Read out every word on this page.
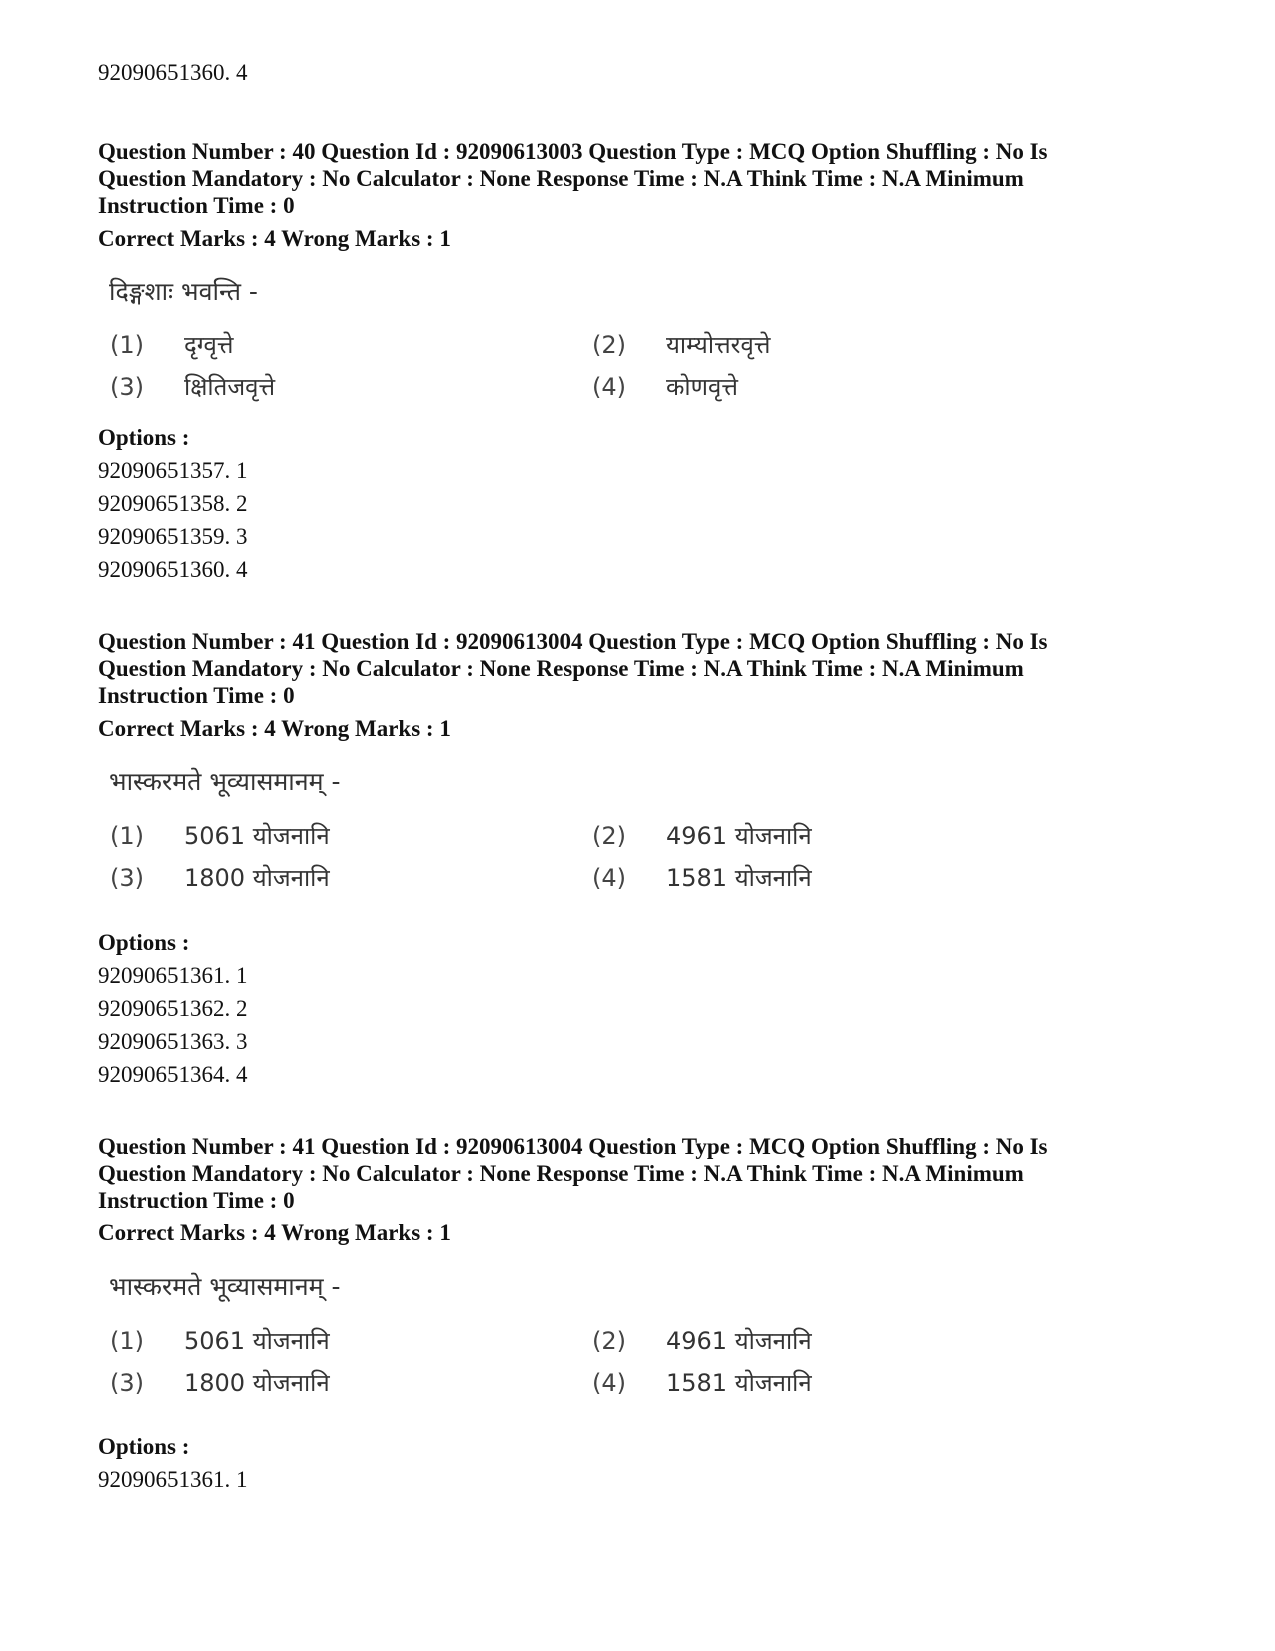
92090651360. 4
Question Number : 40 Question Id : 92090613003 Question Type : MCQ Option Shuffling : No Is
Question Mandatory : No Calculator : None Response Time : N.A Think Time : N.A Minimum
Instruction Time : 0
Correct Marks : 4 Wrong Marks : 1
दिङ्गशाः भवन्ति -
(1) दृग्वृत्ते	(2) याम्योत्तरवृत्ते
(3) क्षितिजवृत्ते	(4) कोणवृत्ते
Options :
92090651357. 1
92090651358. 2
92090651359. 3
92090651360. 4
Question Number : 41 Question Id : 92090613004 Question Type : MCQ Option Shuffling : No Is
Question Mandatory : No Calculator : None Response Time : N.A Think Time : N.A Minimum
Instruction Time : 0
Correct Marks : 4 Wrong Marks : 1
भास्करमते भूव्यासमानम् -
(1) 5061 योजनानि	(2) 4961 योजनानि
(3) 1800 योजनानि	(4) 1581 योजनानि
Options :
92090651361. 1
92090651362. 2
92090651363. 3
92090651364. 4
Question Number : 41 Question Id : 92090613004 Question Type : MCQ Option Shuffling : No Is
Question Mandatory : No Calculator : None Response Time : N.A Think Time : N.A Minimum
Instruction Time : 0
Correct Marks : 4 Wrong Marks : 1
भास्करमते भूव्यासमानम् -
(1) 5061 योजनानि	(2) 4961 योजनानि
(3) 1800 योजनानि	(4) 1581 योजनानि
Options :
92090651361. 1
